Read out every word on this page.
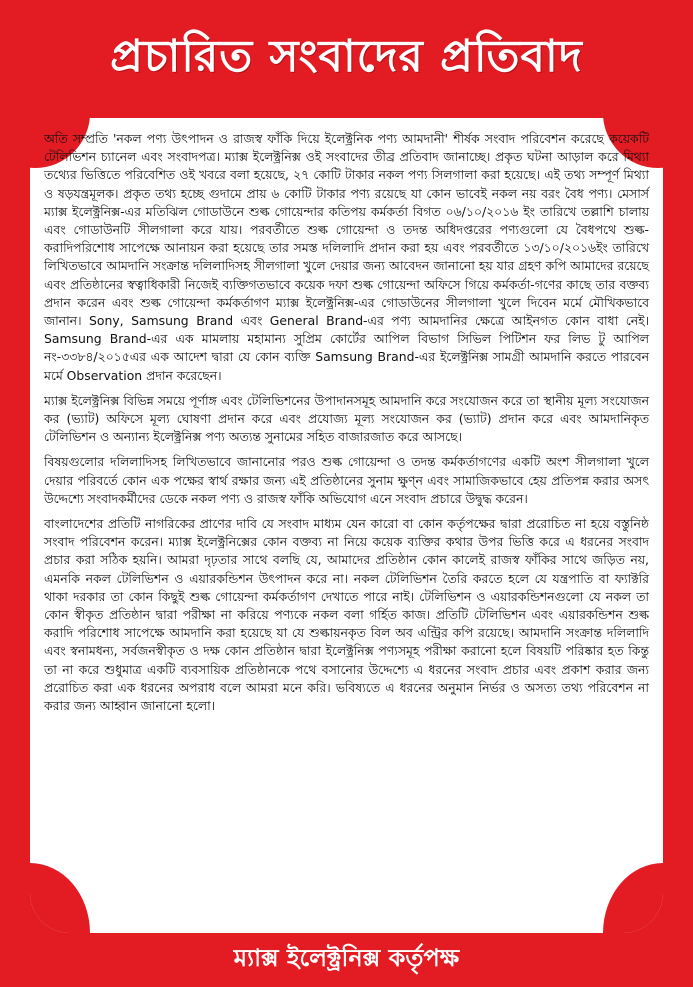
প্রচারিত সংবাদের প্রতিবাদ

অতি সম্প্রতি 'নকল পণ্য উৎপাদন ও রাজস্ব ফাঁকি দিয়ে ইলেক্ট্রনিক পণ্য আমদানী' শীর্ষক সংবাদ পরিবেশন করেছে কয়েকটি টেলিভিশন চ্যানেল এবং সংবাদপত্র। ম্যাক্স ইলেক্ট্রনিক্স ওই সংবাদের তীব্র প্রতিবাদ জানাচ্ছে। প্রকৃত ঘটনা আড়াল করে মিথ্যা তথ্যের ভিত্তিতে পরিবেশিত ওই খবরে বলা হয়েছে, ২৭ কোটি টাকার নকল পণ্য সিলগালা করা হয়েছে। এই তথ্য সম্পূর্ণ মিথ্যা ও ষড়যন্ত্রমূলক। প্রকৃত তথ্য হচ্ছে গুদামে প্রায় ৬ কোটি টাকার পণ্য রয়েছে যা কোন ভাবেই নকল নয় বরং বৈধ পণ্য। মেসার্স ম্যাক্স ইলেক্ট্রনিক্স-এর মতিঝিল গোডাউনে শুল্ক গোয়েন্দার কতিপয় কর্মকর্তা বিগত ০৬/১০/২০১৬ ইং তারিখে তল্লাশি চালায় এবং গোডাউনটি সীলগালা করে যায়। পরবর্তীতে শুল্ক গোয়েন্দা ও তদন্ত অধিদপ্তরের পণ্যগুলো যে বৈধপথে শুল্ক-করাদিপরিশোধ সাপেক্ষে আনায়ন করা হয়েছে তার সমস্ত দলিলাদি প্রদান করা হয় এবং পরবর্তীতে ১৩/১০/২০১৬ইং তারিখে লিখিতভাবে আমদানি সংক্রান্ত দলিলাদিসহ সীলগালা খুলে দেয়ার জন্য আবেদন জানানো হয় যার গ্রহণ কপি আমাদের রয়েছে এবং প্রতিষ্ঠানের স্বত্বাধিকারী নিজেই ব্যক্তিগতভাবে কয়েক দফা শুল্ক গোয়েন্দা অফিসে গিয়ে কর্মকর্তা-গণের কাছে তার বক্তব্য প্রদান করেন এবং শুল্ক গোয়েন্দা কর্মকর্তাগণ ম্যাক্স ইলেক্ট্রনিক্স-এর গোডাউনের সীলগালা খুলে দিবেন মর্মে মৌখিকভাবে জানান। Sony, Samsung Brand এবং General Brand-এর পণ্য আমদানির ক্ষেত্রে আইনগত কোন বাধা নেই। Samsung Brand-এর এক মামলায় মহামান্য সুপ্রিম কোর্টের আপিল বিভাগ সিভিল পিটিশন ফর লিভ টু আপিল নং-৩৩৮৪/২০১৫এর এক আদেশ দ্বারা যে কোন ব্যক্তি Samsung Brand-এর ইলেক্ট্রনিক্স সামগ্রী আমদানি করতে পারবেন মর্মে Observation প্রদান করেছেন।

ম্যাক্স ইলেক্ট্রনিক্স বিভিন্ন সময়ে পূর্ণাঙ্গ এবং টেলিভিশনের উপাদানসমূহ আমদানি করে সংযোজন করে তা স্থানীয় মূল্য সংযোজন কর (ভ্যাট) অফিসে মূল্য ঘোষণা প্রদান করে এবং প্রযোজ্য মূল্য সংযোজন কর (ভ্যাট) প্রদান করে এবং আমদানিকৃত টেলিভিশন ও অন্যান্য ইলেক্ট্রনিক্স পণ্য অত্যন্ত সুনামের সহিত বাজারজাত করে আসছে।

বিষয়গুলোর দলিলাদিসহ লিখিতভাবে জানানোর পরও শুল্ক গোয়েন্দা ও তদন্ত কর্মকর্তাগণের একটি অংশ সীলগালা খুলে দেয়ার পরিবর্তে কোন এক পক্ষের স্বার্থ রক্ষার জন্য এই প্রতিষ্ঠানের সুনাম ক্ষুণ্ন এবং সামাজিকভাবে হেয় প্রতিপন্ন করার অসৎ উদ্দেশ্যে সংবাদকর্মীদের ডেকে নকল পণ্য ও রাজস্ব ফাঁকি অভিযোগ এনে সংবাদ প্রচারে উদ্বুদ্ধ করেন।

বাংলাদেশের প্রতিটি নাগরিকের প্রাণের দাবি যে সংবাদ মাধ্যম যেন কারো বা কোন কর্তৃপক্ষের দ্বারা প্ররোচিত না হয়ে বস্তুনিষ্ঠ সংবাদ পরিবেশন করেন। ম্যাক্স ইলেক্ট্রনিক্সের কোন বক্তব্য না নিয়ে কয়েক ব্যক্তির কথার উপর ভিত্তি করে এ ধরনের সংবাদ প্রচার করা সঠিক হয়নি। আমরা দৃঢ়তার সাথে বলছি যে, আমাদের প্রতিষ্ঠান কোন কালেই রাজস্ব ফাঁকির সাথে জড়িত নয়, এমনকি নকল টেলিভিশন ও এয়ারকন্ডিশন উৎপাদন করে না। নকল টেলিভিশন তৈরি করতে হলে যে যন্ত্রপাতি বা ফ্যাক্টরি থাকা দরকার তা কোন কিছুই শুল্ক গোয়েন্দা কর্মকর্তাগণ দেখাতে পারে নাই। টেলিভিশন ও এয়ারকন্ডিশনগুলো যে নকল তা কোন স্বীকৃত প্রতিষ্ঠান দ্বারা পরীক্ষা না করিয়ে পণ্যকে নকল বলা গর্হিত কাজ। প্রতিটি টেলিভিশন এবং এয়ারকন্ডিশন শুল্ক করাদি পরিশোধ সাপেক্ষে আমদানি করা হয়েছে যা যে শুল্কায়নকৃত বিল অব এন্ট্রির কপি রয়েছে। আমদানি সংক্রান্ত দলিলাদি এবং স্বনামধন্য, সর্বজনস্বীকৃত ও দক্ষ কোন প্রতিষ্ঠান দ্বারা ইলেক্ট্রনিক্স পণ্যসমূহ পরীক্ষা করানো হলে বিষয়টি পরিষ্কার হত কিন্তু তা না করে শুধুমাত্র একটি ব্যবসায়িক প্রতিষ্ঠানকে পথে বসানোর উদ্দেশ্যে এ ধরনের সংবাদ প্রচার এবং প্রকাশ করার জন্য প্ররোচিত করা এক ধরনের অপরাধ বলে আমরা মনে করি। ভবিষ্যতে এ ধরনের অনুমান নির্ভর ও অসত্য তথ্য পরিবেশন না করার জন্য আহ্বান জানানো হলো।

ম্যাক্স ইলেক্ট্রনিক্স কর্তৃপক্ষ
